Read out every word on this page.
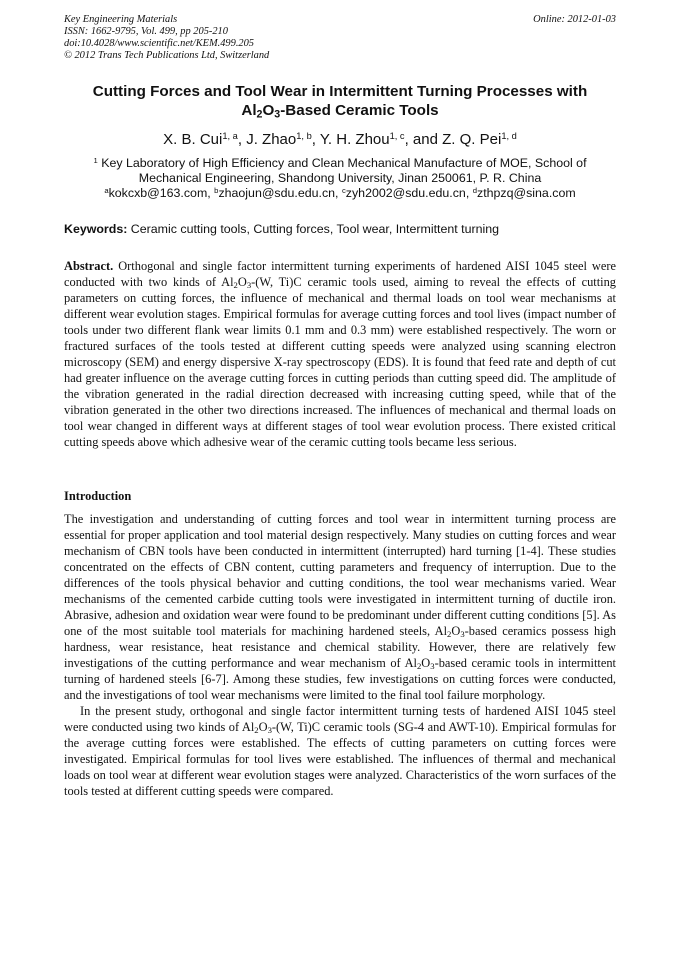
Key Engineering Materials
ISSN: 1662-9795, Vol. 499, pp 205-210
doi:10.4028/www.scientific.net/KEM.499.205
© 2012 Trans Tech Publications Ltd, Switzerland
Online: 2012-01-03
Cutting Forces and Tool Wear in Intermittent Turning Processes with
$Al_2O_3$-Based Ceramic Tools
X. B. Cui$^{1, a}$, J. Zhao$^{1, b}$, Y. H. Zhou$^{1, c}$, and Z. Q. Pei$^{1, d}$
$^1$ Key Laboratory of High Efficiency and Clean Mechanical Manufacture of MOE, School of
Mechanical Engineering, Shandong University, Jinan 250061, P. R. China
$^a$kokcxb@163.com, $^b$zhaojun@sdu.edu.cn, $^c$zyh2002@sdu.edu.cn, $^d$zthpzq@sina.com
Keywords: Ceramic cutting tools, Cutting forces, Tool wear, Intermittent turning
Abstract. Orthogonal and single factor intermittent turning experiments of hardened AISI 1045 steel were conducted with two kinds of $Al_2O_3-(W$, Ti)C ceramic tools used, aiming to reveal the effects of cutting parameters on cutting forces, the influence of mechanical and thermal loads on tool wear mechanisms at different wear evolution stages. Empirical formulas for average cutting forces and tool lives (impact number of tools under two different flank wear limits 0.1 mm and 0.3 mm) were established respectively. The worn or fractured surfaces of the tools tested at different cutting speeds were analyzed using scanning electron microscopy (SEM) and energy dispersive X-ray spectroscopy (EDS). It is found that feed rate and depth of cut had greater influence on the average cutting forces in cutting periods than cutting speed did. The amplitude of the vibration generated in the radial direction decreased with increasing cutting speed, while that of the vibration generated in the other two directions increased. The influences of mechanical and thermal loads on tool wear changed in different ways at different stages of tool wear evolution process. There existed critical cutting speeds above which adhesive wear of the ceramic cutting tools became less serious.
Introduction

The investigation and understanding of cutting forces and tool wear in intermittent turning process are essential for proper application and tool material design respectively. Many studies on cutting forces and wear mechanism of CBN tools have been conducted in intermittent (interrupted) hard turning [1-4]. These studies concentrated on the effects of CBN content, cutting parameters and frequency of interruption. Due to the differences of the tools physical behavior and cutting conditions, the tool wear mechanisms varied. Wear mechanisms of the cemented carbide cutting tools were investigated in intermittent turning of ductile iron. Abrasive, adhesion and oxidation wear were found to be predominant under different cutting conditions [5]. As one of the most suitable tool materials for machining hardened steels, $Al_2O_3$-based ceramics possess high hardness, wear resistance, heat resistance and chemical stability. However, there are relatively few investigations of the cutting performance and wear mechanism of $Al_2O_3$-based ceramic tools in intermittent turning of hardened steels [6-7]. Among these studies, few investigations on cutting forces were conducted, and the investigations of tool wear mechanisms were limited to the final tool failure morphology.

In the present study, orthogonal and single factor intermittent turning tests of hardened AISI 1045 steel were conducted using two kinds of $Al_2O_3-(W$, Ti)C ceramic tools (SG-4 and AWT-10). Empirical formulas for the average cutting forces were established. The effects of cutting parameters on cutting forces were investigated. Empirical formulas for tool lives were established. The influences of thermal and mechanical loads on tool wear at different wear evolution stages were analyzed. Characteristics of the worn surfaces of the tools tested at different cutting speeds were compared.
